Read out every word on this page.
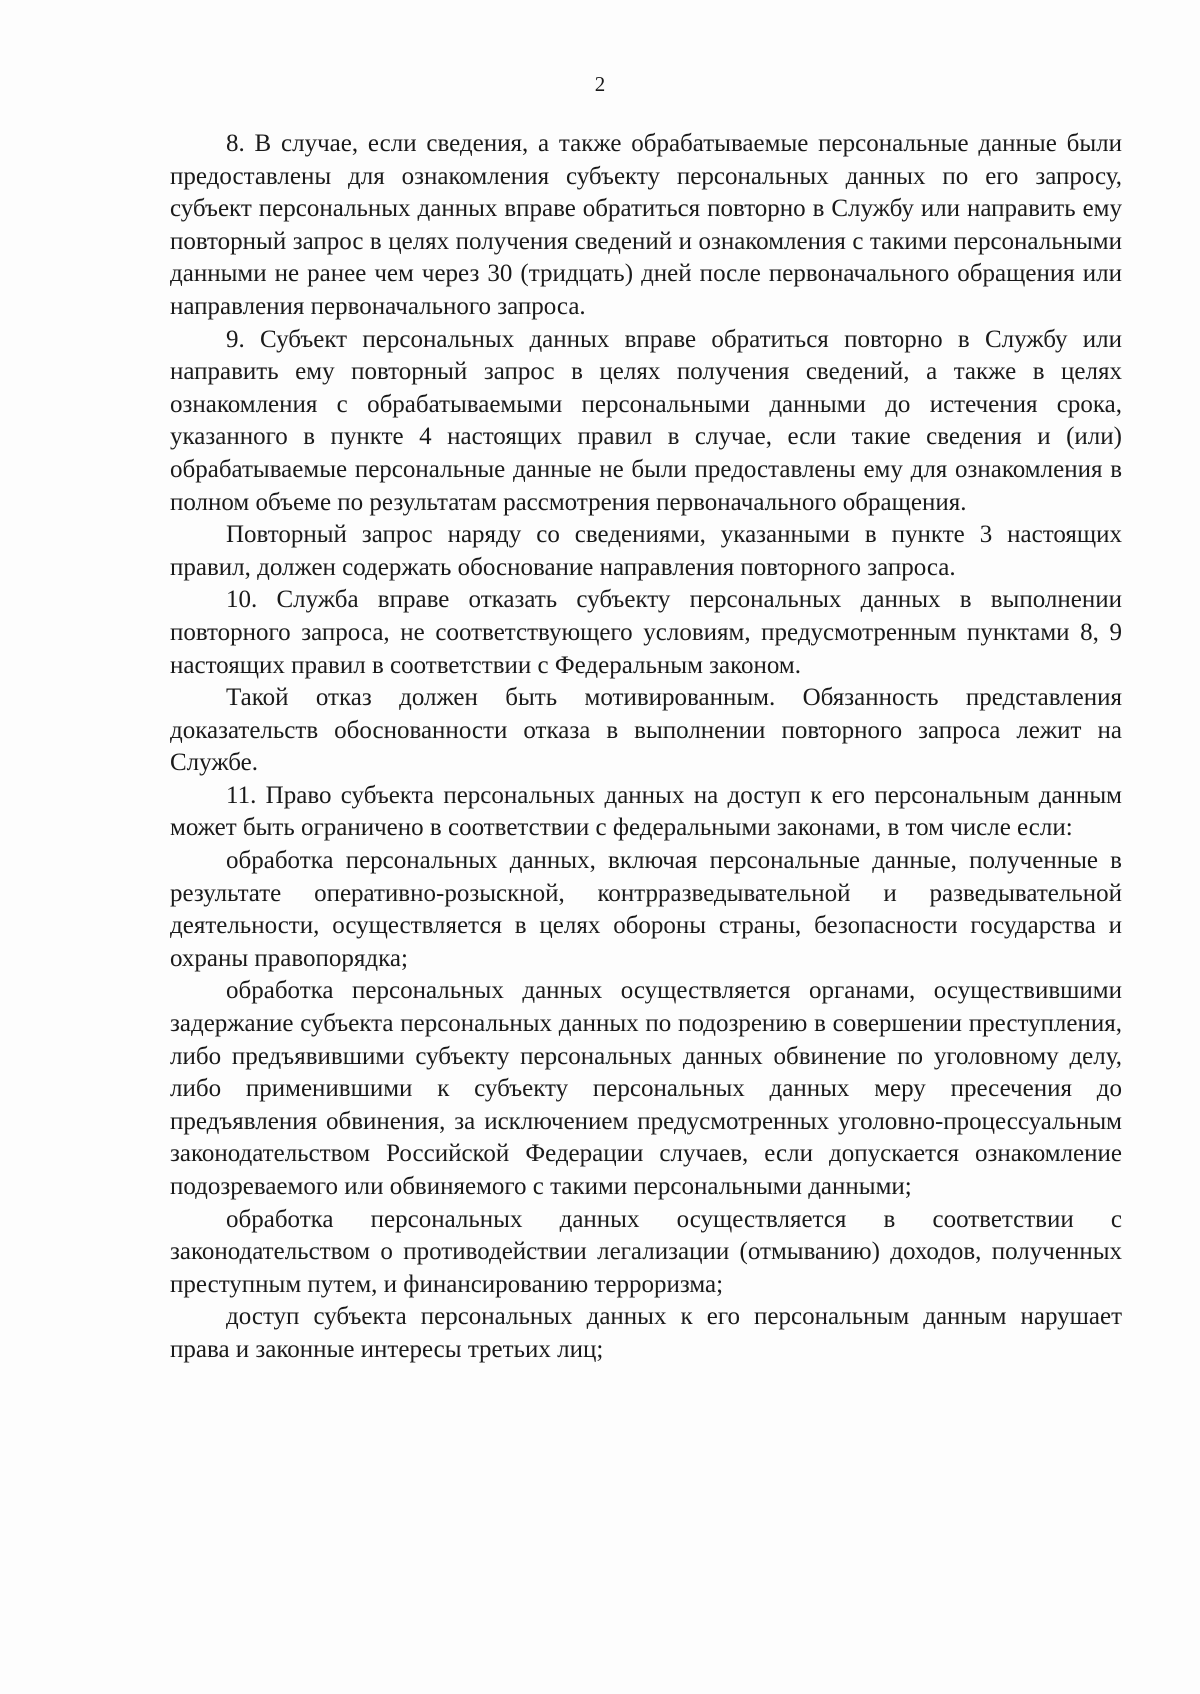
2

8. В случае, если сведения, а также обрабатываемые персональные данные были предоставлены для ознакомления субъекту персональных данных по его запросу, субъект персональных данных вправе обратиться повторно в Службу или направить ему повторный запрос в целях получения сведений и ознакомления с такими персональными данными не ранее чем через 30 (тридцать) дней после первоначального обращения или направления первоначального запроса.

9. Субъект персональных данных вправе обратиться повторно в Службу или направить ему повторный запрос в целях получения сведений, а также в целях ознакомления с обрабатываемыми персональными данными до истечения срока, указанного в пункте 4 настоящих правил в случае, если такие сведения и (или) обрабатываемые персональные данные не были предоставлены ему для ознакомления в полном объеме по результатам рассмотрения первоначального обращения.

Повторный запрос наряду со сведениями, указанными в пункте 3 настоящих правил, должен содержать обоснование направления повторного запроса.

10. Служба вправе отказать субъекту персональных данных в выполнении повторного запроса, не соответствующего условиям, предусмотренным пунктами 8, 9 настоящих правил в соответствии с Федеральным законом.

Такой отказ должен быть мотивированным. Обязанность представления доказательств обоснованности отказа в выполнении повторного запроса лежит на Службе.

11. Право субъекта персональных данных на доступ к его персональным данным может быть ограничено в соответствии с федеральными законами, в том числе если:

обработка персональных данных, включая персональные данные, полученные в результате оперативно-розыскной, контрразведывательной и разведывательной деятельности, осуществляется в целях обороны страны, безопасности государства и охраны правопорядка;

обработка персональных данных осуществляется органами, осуществившими задержание субъекта персональных данных по подозрению в совершении преступления, либо предъявившими субъекту персональных данных обвинение по уголовному делу, либо применившими к субъекту персональных данных меру пресечения до предъявления обвинения, за исключением предусмотренных уголовно-процессуальным законодательством Российской Федерации случаев, если допускается ознакомление подозреваемого или обвиняемого с такими персональными данными;

обработка персональных данных осуществляется в соответствии с законодательством о противодействии легализации (отмыванию) доходов, полученных преступным путем, и финансированию терроризма;

доступ субъекта персональных данных к его персональным данным нарушает права и законные интересы третьих лиц;
